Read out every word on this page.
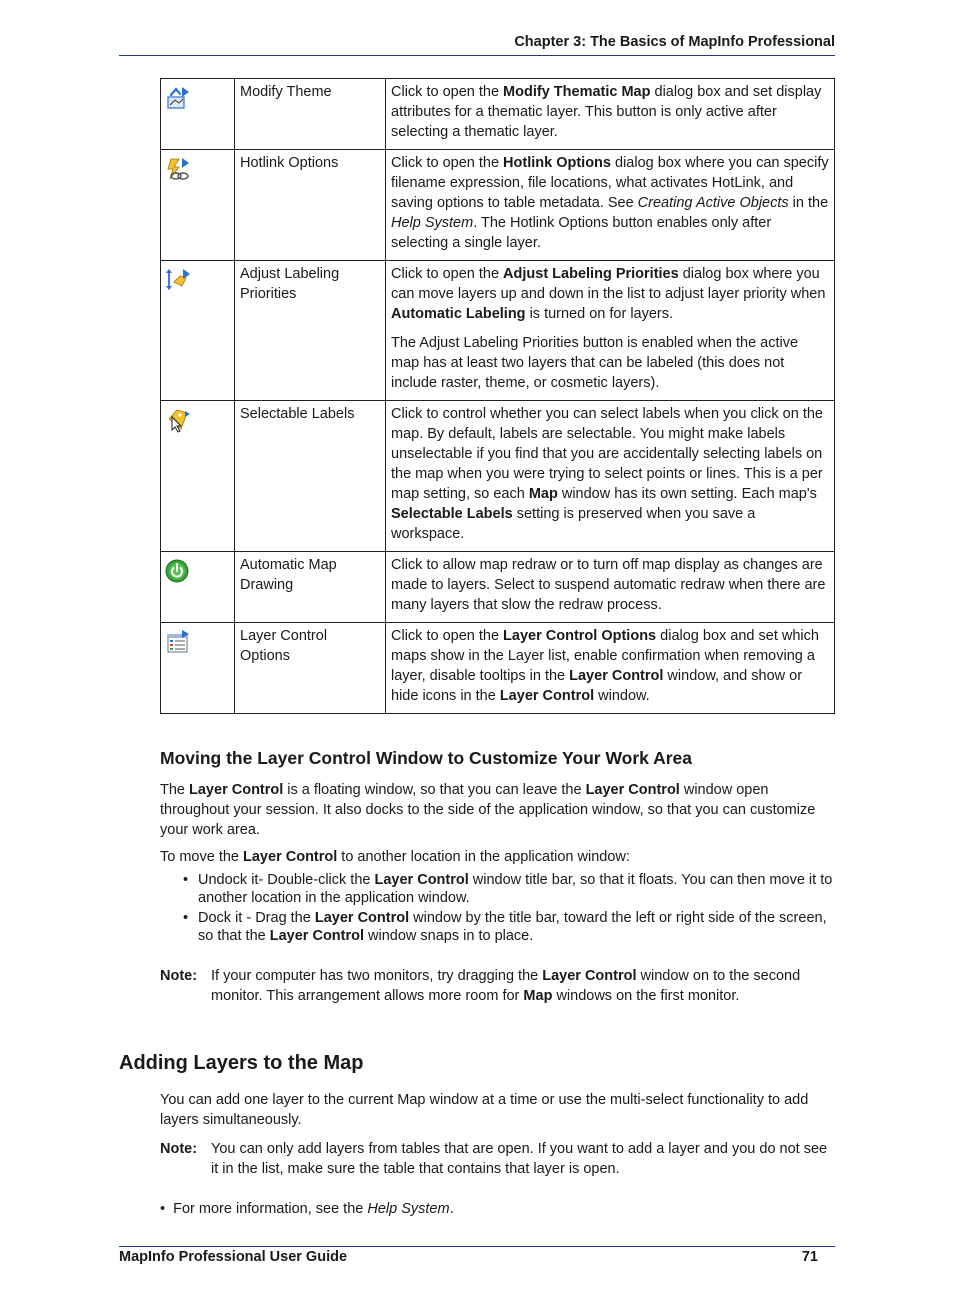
Chapter 3: The Basics of MapInfo Professional
	Modify Theme	Click to open the Modify Thematic Map dialog box and set display attributes for a thematic layer. This button is only active after selecting a thematic layer.

	Hotlink Options	Click to open the Hotlink Options dialog box where you can specify filename expression, file locations, what activates HotLink, and saving options to table metadata. See Creating Active Objects in the Help System. The Hotlink Options button enables only after selecting a single layer.

	Adjust Labeling Priorities	Click to open the Adjust Labeling Priorities dialog box where you can move layers up and down in the list to adjust layer priority when Automatic Labeling is turned on for layers.

The Adjust Labeling Priorities button is enabled when the active map has at least two layers that can be labeled (this does not include raster, theme, or cosmetic layers).

	Selectable Labels	Click to control whether you can select labels when you click on the map. By default, labels are selectable. You might make labels unselectable if you find that you are accidentally selecting labels on the map when you were trying to select points or lines. This is a per map setting, so each Map window has its own setting. Each map's Selectable Labels setting is preserved when you save a workspace.

	Automatic Map Drawing	Click to allow map redraw or to turn off map display as changes are made to layers. Select to suspend automatic redraw when there are many layers that slow the redraw process.

	Layer Control Options	Click to open the Layer Control Options dialog box and set which maps show in the Layer list, enable confirmation when removing a layer, disable tooltips in the Layer Control window, and show or hide icons in the Layer Control window.

Moving the Layer Control Window to Customize Your Work Area
The Layer Control is a floating window, so that you can leave the Layer Control window open throughout your session. It also docks to the side of the application window, so that you can customize your work area.
To move the Layer Control to another location in the application window:
• Undock it- Double-click the Layer Control window title bar, so that it floats. You can then move it to another location in the application window.
• Dock it - Drag the Layer Control window by the title bar, toward the left or right side of the screen, so that the Layer Control window snaps in to place.
Note: If your computer has two monitors, try dragging the Layer Control window on to the second monitor. This arrangement allows more room for Map windows on the first monitor.
Adding Layers to the Map
You can add one layer to the current Map window at a time or use the multi-select functionality to add layers simultaneously.
Note: You can only add layers from tables that are open. If you want to add a layer and you do not see it in the list, make sure the table that contains that layer is open.
• For more information, see the Help System.
MapInfo Professional User Guide	71
